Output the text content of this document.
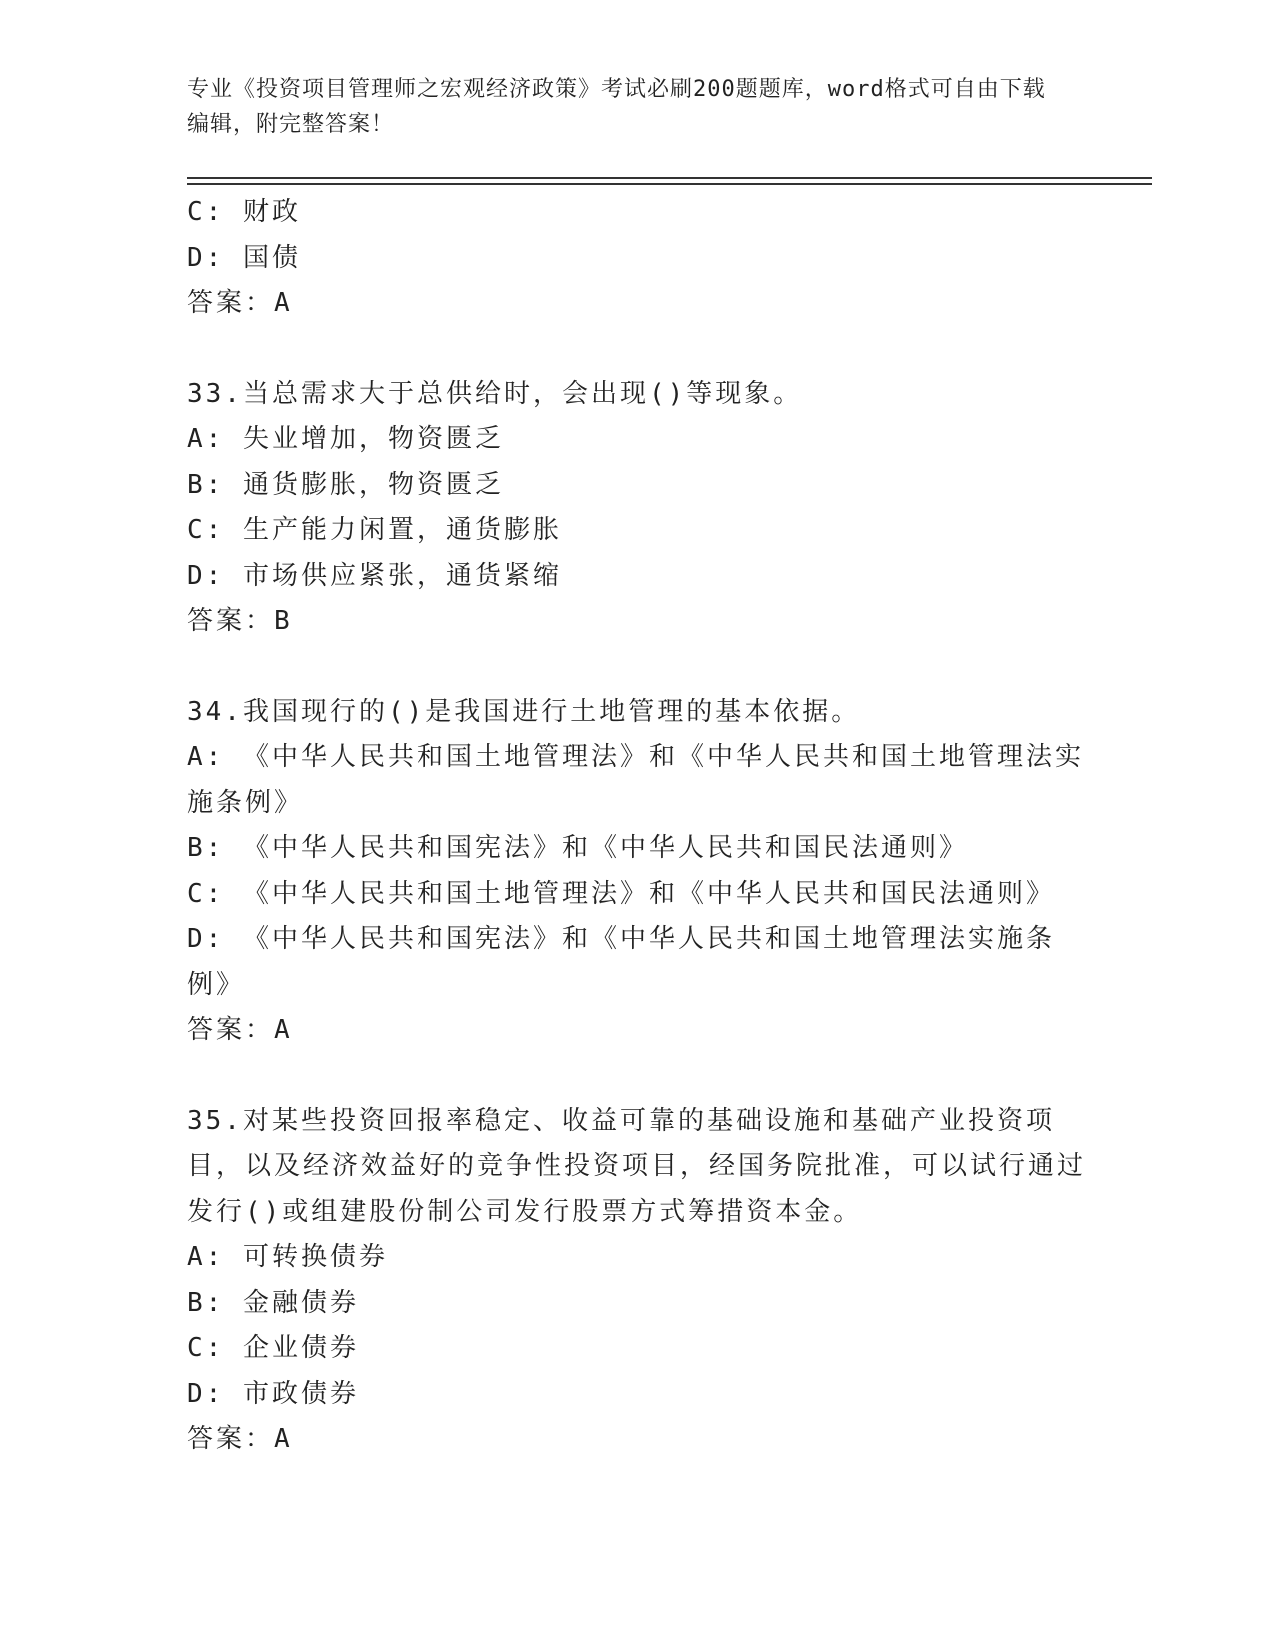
专业《投资项目管理师之宏观经济政策》考试必刷200题题库，word格式可自由下载编辑，附完整答案！
C: 财政
D: 国债
答案：A
33.当总需求大于总供给时，会出现()等现象。
A: 失业增加，物资匮乏
B: 通货膨胀，物资匮乏
C: 生产能力闲置，通货膨胀
D: 市场供应紧张，通货紧缩
答案：B
34.我国现行的()是我国进行土地管理的基本依据。
A: 《中华人民共和国土地管理法》和《中华人民共和国土地管理法实施条例》
B: 《中华人民共和国宪法》和《中华人民共和国民法通则》
C: 《中华人民共和国土地管理法》和《中华人民共和国民法通则》
D: 《中华人民共和国宪法》和《中华人民共和国土地管理法实施条例》
答案：A
35.对某些投资回报率稳定、收益可靠的基础设施和基础产业投资项目，以及经济效益好的竞争性投资项目，经国务院批准，可以试行通过发行()或组建股份制公司发行股票方式筹措资本金。
A: 可转换债券
B: 金融债券
C: 企业债券
D: 市政债券
答案：A
